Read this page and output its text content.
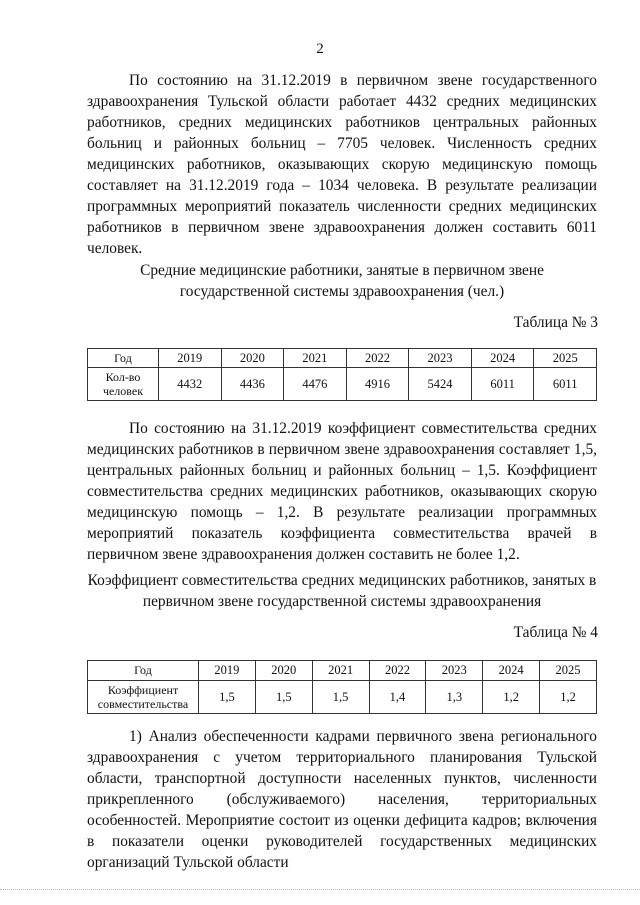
2

По состоянию на 31.12.2019 в первичном звене государственного здравоохранения Тульской области работает 4432 средних медицинских работников, средних медицинских работников центральных районных больниц и районных больниц – 7705 человек. Численность средних медицинских работников, оказывающих скорую медицинскую помощь составляет на 31.12.2019 года – 1034 человека. В результате реализации программных мероприятий показатель численности средних медицинских работников в первичном звене здравоохранения должен составить 6011 человек.

Средние медицинские работники, занятые в первичном звене государственной системы здравоохранения (чел.)
Таблица № 3
Год	2019	2020	2021	2022	2023	2024	2025
Кол-во человек	4432	4436	4476	4916	5424	6011	6011

По состоянию на 31.12.2019 коэффициент совместительства средних медицинских работников в первичном звене здравоохранения составляет 1,5, центральных районных больниц и районных больниц – 1,5. Коэффициент совместительства средних медицинских работников, оказывающих скорую медицинскую помощь – 1,2. В результате реализации программных мероприятий показатель коэффициента совместительства врачей в первичном звене здравоохранения должен составить не более 1,2.

Коэффициент совместительства средних медицинских работников, занятых в первичном звене государственной системы здравоохранения
Таблица № 4
Год	2019	2020	2021	2022	2023	2024	2025
Коэффициент совместительства	1,5	1,5	1,5	1,4	1,3	1,2	1,2

1) Анализ обеспеченности кадрами первичного звена регионального здравоохранения с учетом территориального планирования Тульской области, транспортной доступности населенных пунктов, численности прикрепленного (обслуживаемого) населения, территориальных особенностей. Мероприятие состоит из оценки дефицита кадров; включения в показатели оценки руководителей государственных медицинских организаций Тульской области
